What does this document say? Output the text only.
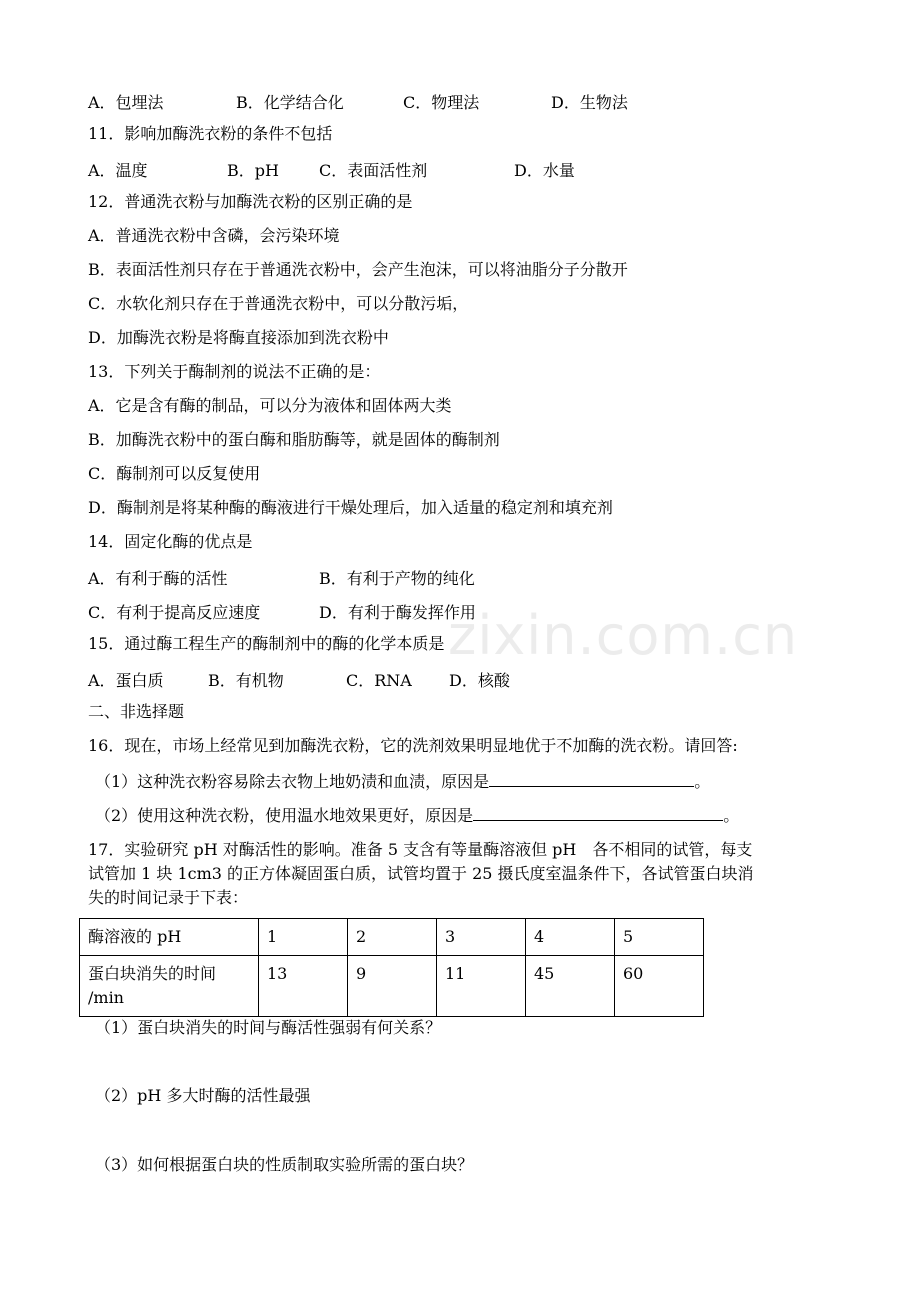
zixin.com.cn
A．包埋法	B．化学结合化	C．物理法	D．生物法
11．影响加酶洗衣粉的条件不包括
A．温度	B．pH	C．表面活性剂	D．水量
12．普通洗衣粉与加酶洗衣粉的区别正确的是
A．普通洗衣粉中含磷，会污染环境
B．表面活性剂只存在于普通洗衣粉中，会产生泡沫，可以将油脂分子分散开
C．水软化剂只存在于普通洗衣粉中，可以分散污垢，
D．加酶洗衣粉是将酶直接添加到洗衣粉中
13．下列关于酶制剂的说法不正确的是：
A．它是含有酶的制品，可以分为液体和固体两大类
B．加酶洗衣粉中的蛋白酶和脂肪酶等，就是固体的酶制剂
C．酶制剂可以反复使用
D．酶制剂是将某种酶的酶液进行干燥处理后，加入适量的稳定剂和填充剂
14．固定化酶的优点是
A．有利于酶的活性	B．有利于产物的纯化
C．有利于提高反应速度	D．有利于酶发挥作用
15．通过酶工程生产的酶制剂中的酶的化学本质是
A．蛋白质	B．有机物	C．RNA D．核酸
二、非选择题
16．现在，市场上经常见到加酶洗衣粉，它的洗剂效果明显地优于不加酶的洗衣粉。请回答:
（1）这种洗衣粉容易除去衣物上地奶渍和血渍，原因是	。
（2）使用这种洗衣粉，使用温水地效果更好，原因是	。
17．实验研究 pH 对酶活性的影响。准备 5 支含有等量酶溶液但 pH　各不相同的试管，每支
试管加 1 块 1cm3 的正方体凝固蛋白质，试管均置于 25 摄氏度室温条件下，各试管蛋白块消
失的时间记录于下表：
酶溶液的 pH	1	2	3	4	5

蛋白块消失的时间
/min	13	9	11	45	60
（1）蛋白块消失的时间与酶活性强弱有何关系？
（2）pH 多大时酶的活性最强
（3）如何根据蛋白块的性质制取实验所需的蛋白块？
